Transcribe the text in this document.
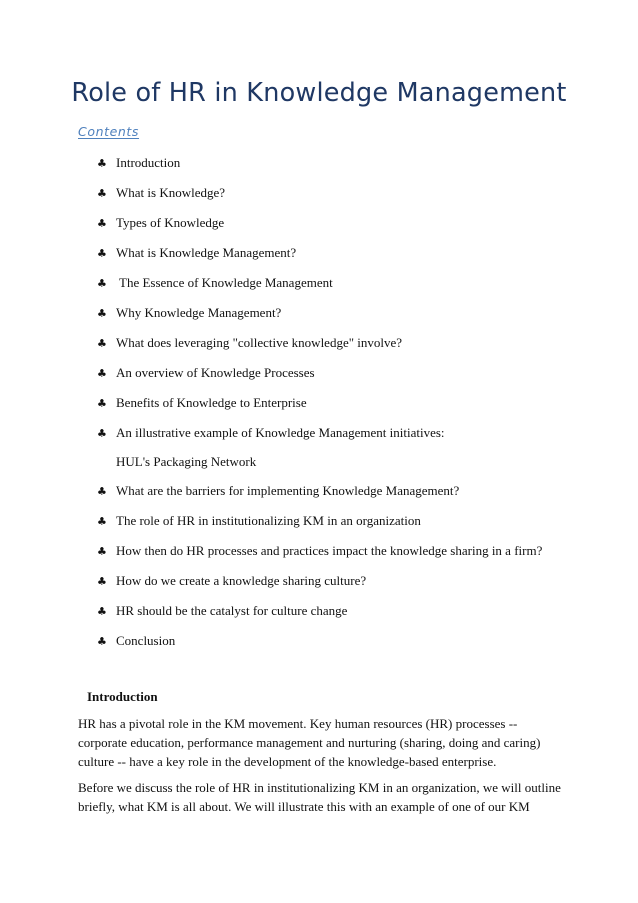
Role of HR in Knowledge Management
Contents
♣ Introduction
♣ What is Knowledge?
♣ Types of Knowledge
♣ What is Knowledge Management?
♣ The Essence of Knowledge Management
♣ Why Knowledge Management?
♣ What does leveraging "collective knowledge" involve?
♣ An overview of Knowledge Processes
♣ Benefits of Knowledge to Enterprise
♣ An illustrative example of Knowledge Management initiatives:
HUL's Packaging Network
♣ What are the barriers for implementing Knowledge Management?
♣ The role of HR in institutionalizing KM in an organization
♣ How then do HR processes and practices impact the knowledge sharing in a firm?
♣ How do we create a knowledge sharing culture?
♣ HR should be the catalyst for culture change
♣ Conclusion
Introduction

HR has a pivotal role in the KM movement. Key human resources (HR) processes --
corporate education, performance management and nurturing (sharing, doing and caring)
culture -- have a key role in the development of the knowledge-based enterprise.

Before we discuss the role of HR in institutionalizing KM in an organization, we will outline
briefly, what KM is all about. We will illustrate this with an example of one of our KM
